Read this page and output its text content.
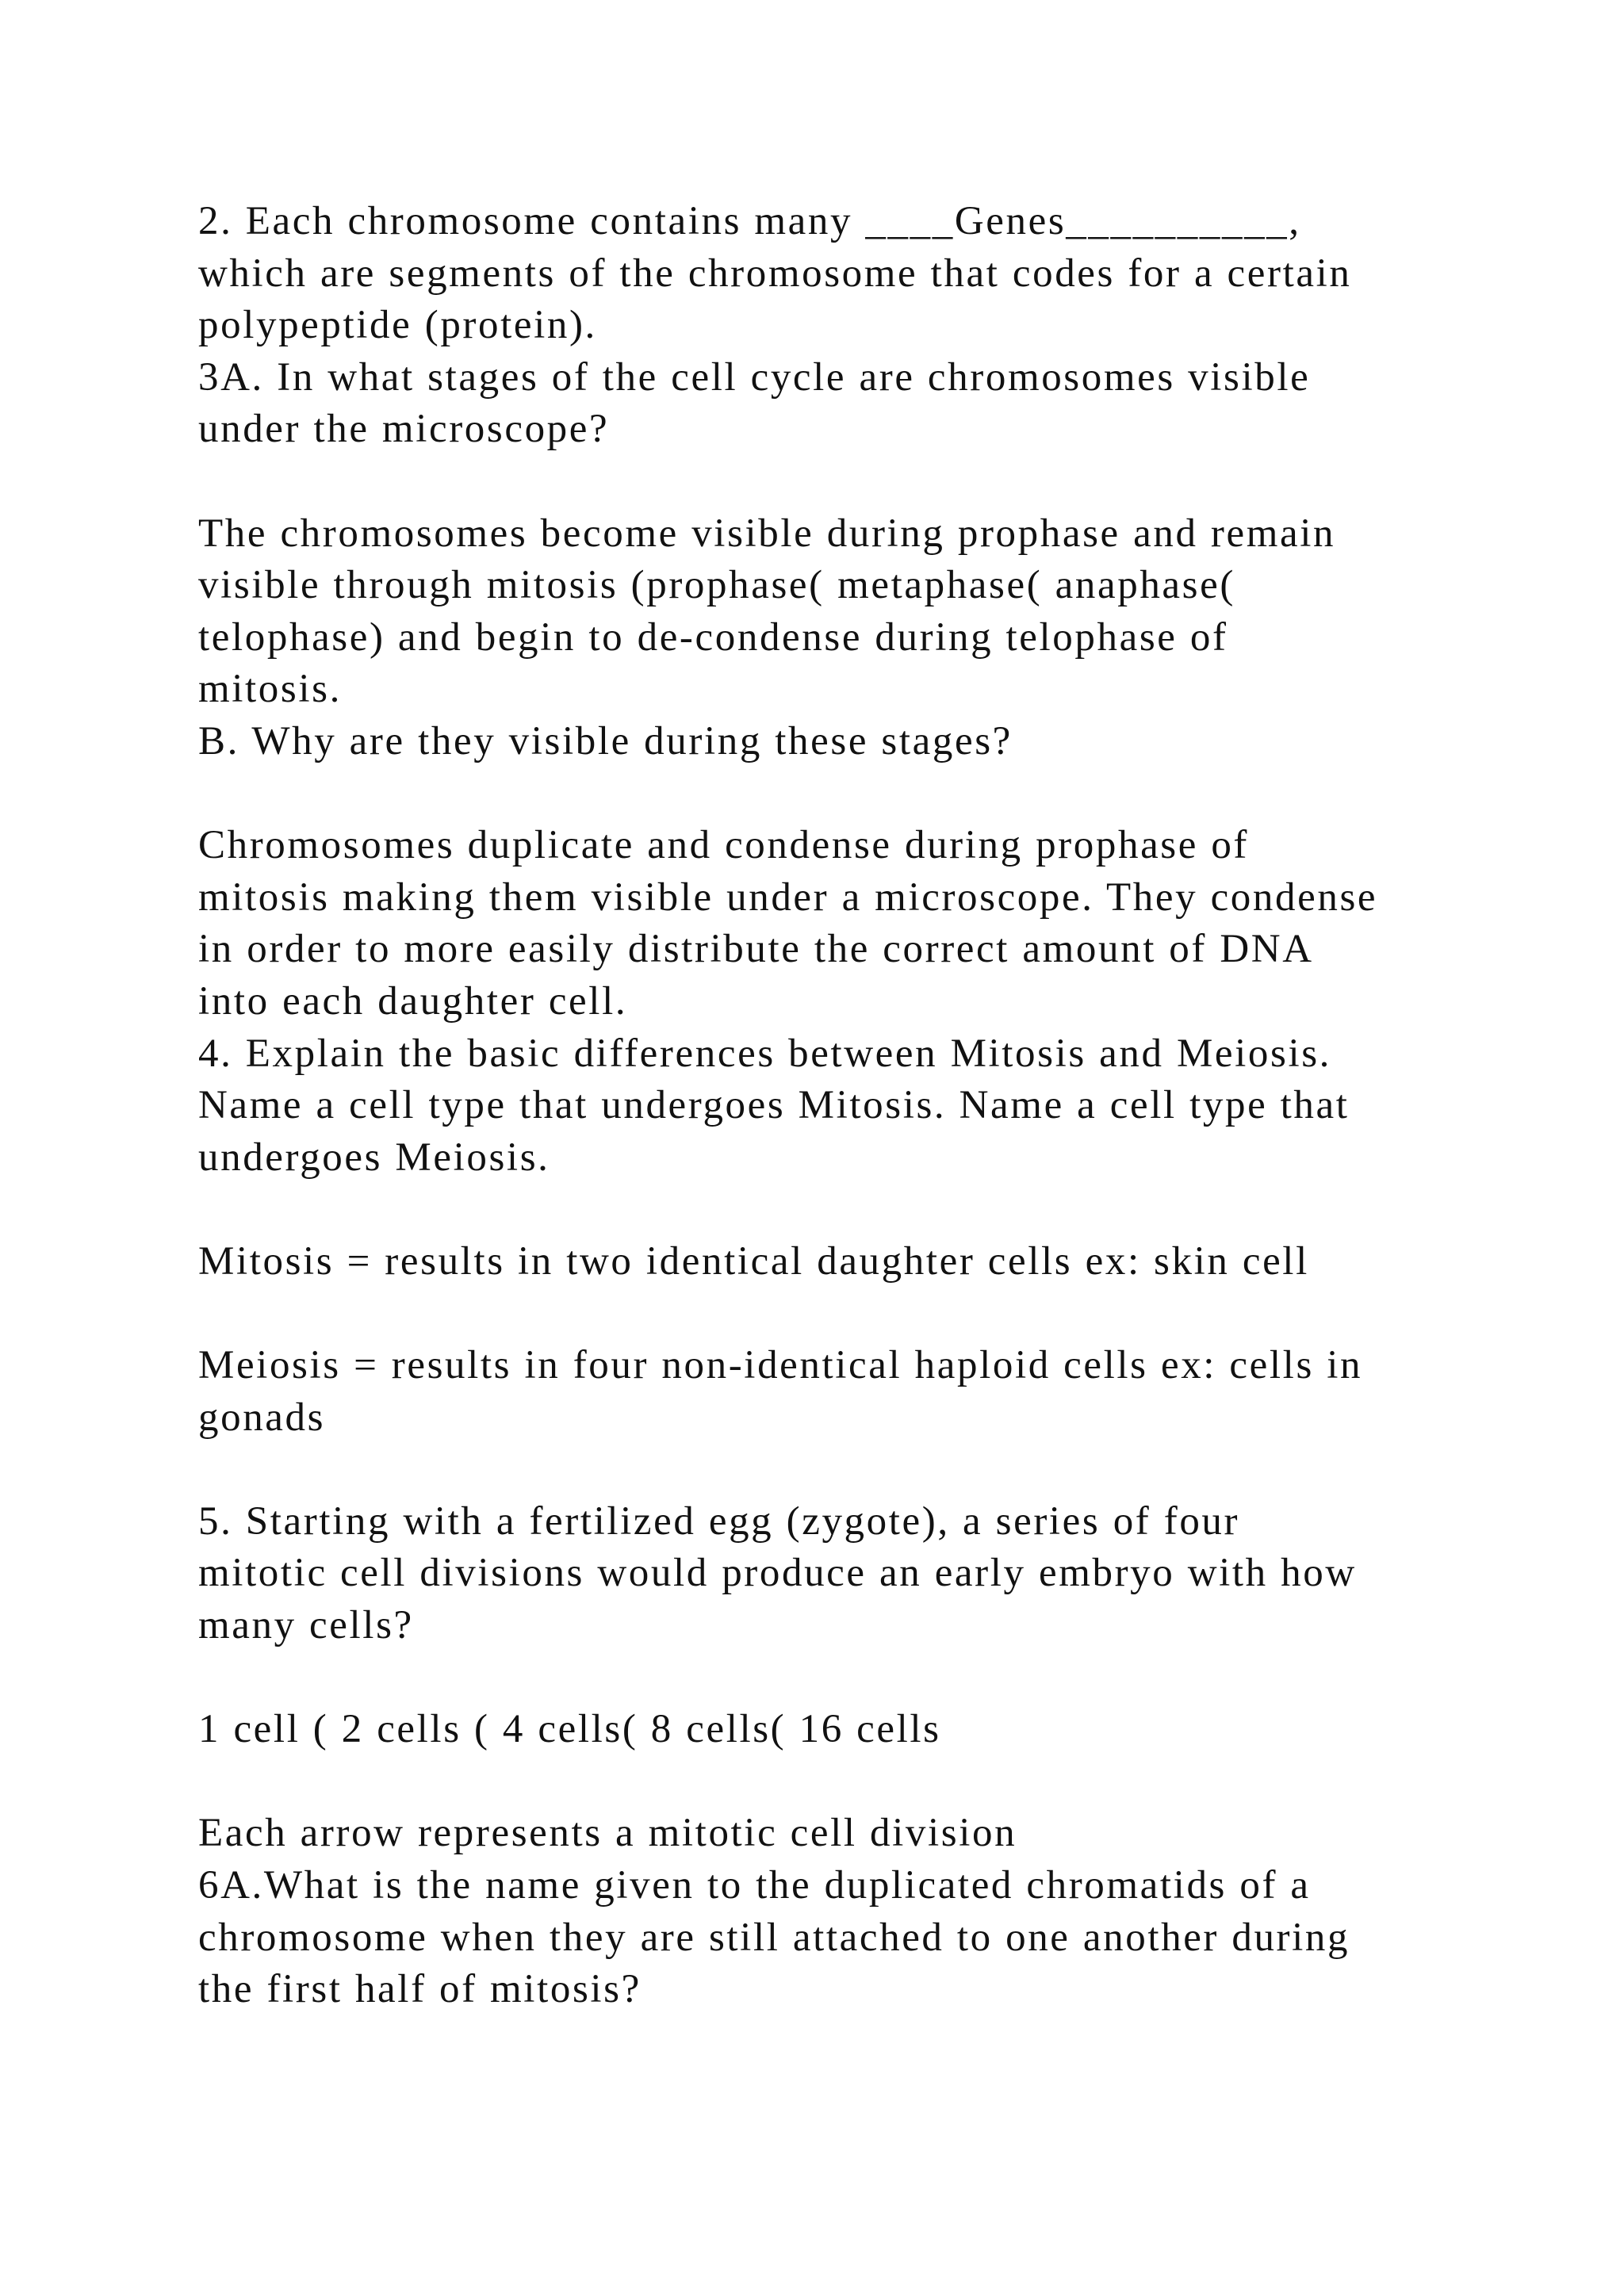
2. Each chromosome contains many ____Genes__________,
which are segments of the chromosome that codes for a certain
polypeptide (protein).
3A. In what stages of the cell cycle are chromosomes visible
under the microscope?
The chromosomes become visible during prophase and remain
visible through mitosis (prophase( metaphase( anaphase(
telophase) and begin to de-condense during telophase of
mitosis.
B. Why are they visible during these stages?
Chromosomes duplicate and condense during prophase of
mitosis making them visible under a microscope. They condense
in order to more easily distribute the correct amount of DNA
into each daughter cell.
4. Explain the basic differences between Mitosis and Meiosis.
Name a cell type that undergoes Mitosis. Name a cell type that
undergoes Meiosis.
Mitosis = results in two identical daughter cells ex: skin cell
Meiosis = results in four non-identical haploid cells ex: cells in
gonads
5. Starting with a fertilized egg (zygote), a series of four
mitotic cell divisions would produce an early embryo with how
many cells?
1 cell ( 2 cells ( 4 cells( 8 cells( 16 cells
Each arrow represents a mitotic cell division
6A.What is the name given to the duplicated chromatids of a
chromosome when they are still attached to one another during
the first half of mitosis?
